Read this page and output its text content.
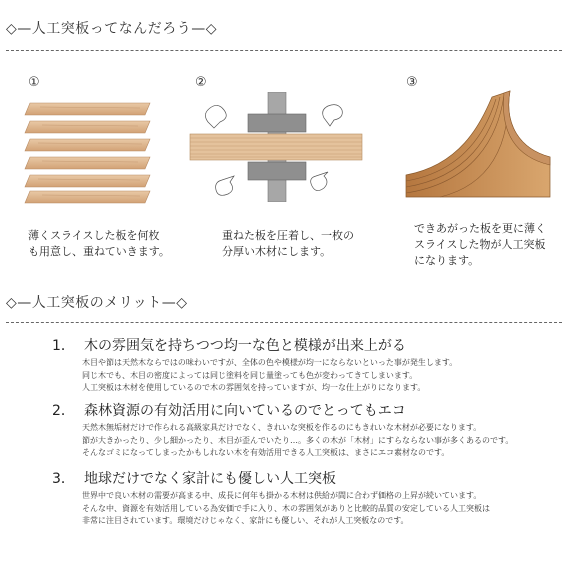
◇—人工突板ってなんだろう—◇
①	②	③
薄くスライスした板を何枚
も用意し、重ねていきます。
重ねた板を圧着し、一枚の
分厚い木材にします。
できあがった板を更に薄く
スライスした物が人工突板
になります。
◇—人工突板のメリット—◇
1． 木の雰囲気を持ちつつ均一な色と模様が出来上がる
木目や節は天然木ならではの味わいですが、全体の色や模様が均一にならないといった事が発生します。
同じ木でも、木目の密度によっては同じ塗料を同じ量塗っても色が変わってきてしまいます。
人工突板は木材を使用しているので木の雰囲気を持っていますが、均一な仕上がりになります。
2． 森林資源の有効活用に向いているのでとってもエコ
天然木無垢材だけで作られる高級家具だけでなく、きれいな突板を作るのにもきれいな木材が必要になります。
節が大きかったり、少し細かったり、木目が歪んでいたり…。多くの木が「木材」にすらならない事が多くあるのです。
そんなゴミになってしまったかもしれない木を有効活用できる人工突板は、まさにエコ素材なのです。
3． 地球だけでなく家計にも優しい人工突板
世界中で良い木材の需要が高まる中、成長に何年も掛かる木材は供給が間に合わず価格の上昇が続いています。
そんな中、資源を有効活用している為安価で手に入り、木の雰囲気がありと比較的品質の安定している人工突板は
非常に注目されています。環境だけじゃなく、家計にも優しい、それが人工突板なのです。
